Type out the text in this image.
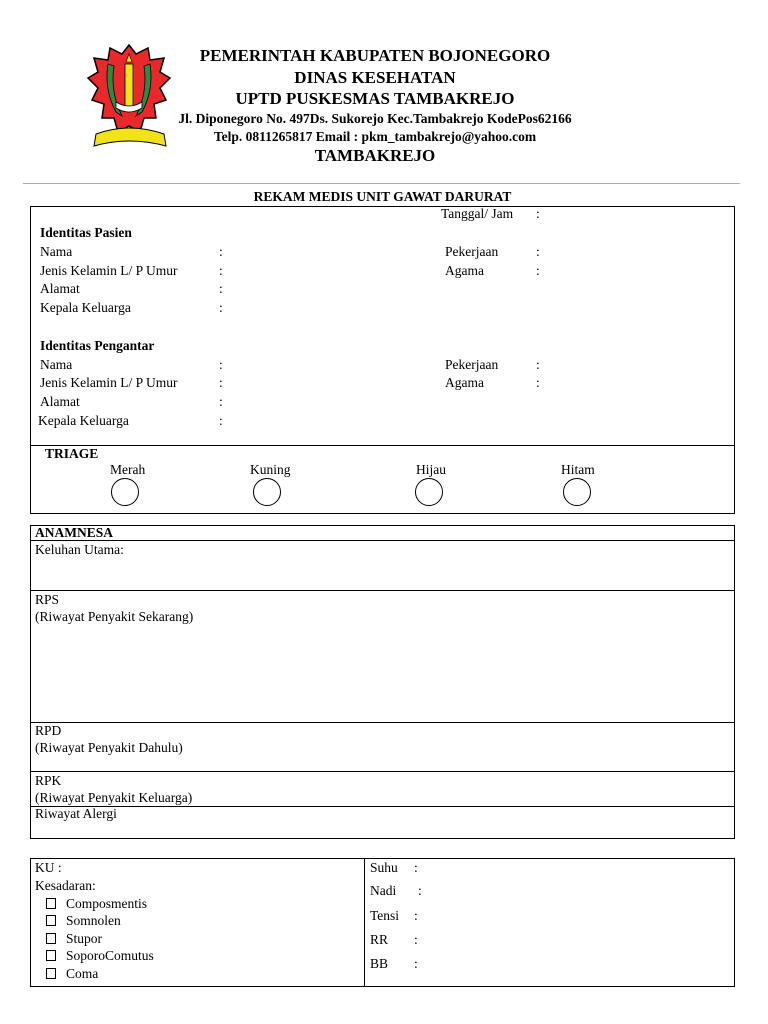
PEMERINTAH KABUPATEN BOJONEGORO
DINAS KESEHATAN
UPTD PUSKESMAS TAMBAKREJO
Jl. Diponegoro No. 497Ds. Sukorejo Kec.Tambakrejo KodePos62166
Telp. 0811265817 Email : pkm_tambakrejo@yahoo.com
TAMBAKREJO
REKAM MEDIS UNIT GAWAT DARURAT
Tanggal/ Jam :
Identitas Pasien
Nama	:	Pekerjaan	:
Jenis Kelamin L/ P Umur	:	Agama	:
Alamat	:
Kepala Keluarga	:
Identitas Pengantar
Nama	:	Pekerjaan	:
Jenis Kelamin L/ P Umur	:	Agama	:
Alamat	:
Kepala Keluarga	:
TRIAGE
Merah	Kuning	Hijau	Hitam
ANAMNESA
Keluhan Utama:
RPS
(Riwayat Penyakit Sekarang)
RPD
(Riwayat Penyakit Dahulu)
RPK
(Riwayat Penyakit Keluarga)
Riwayat Alergi
KU :
Kesadaran:
Composmentis
Somnolen
Stupor
SoporoComutus
Coma
Suhu :
Nadi :
Tensi :
RR :
BB :
